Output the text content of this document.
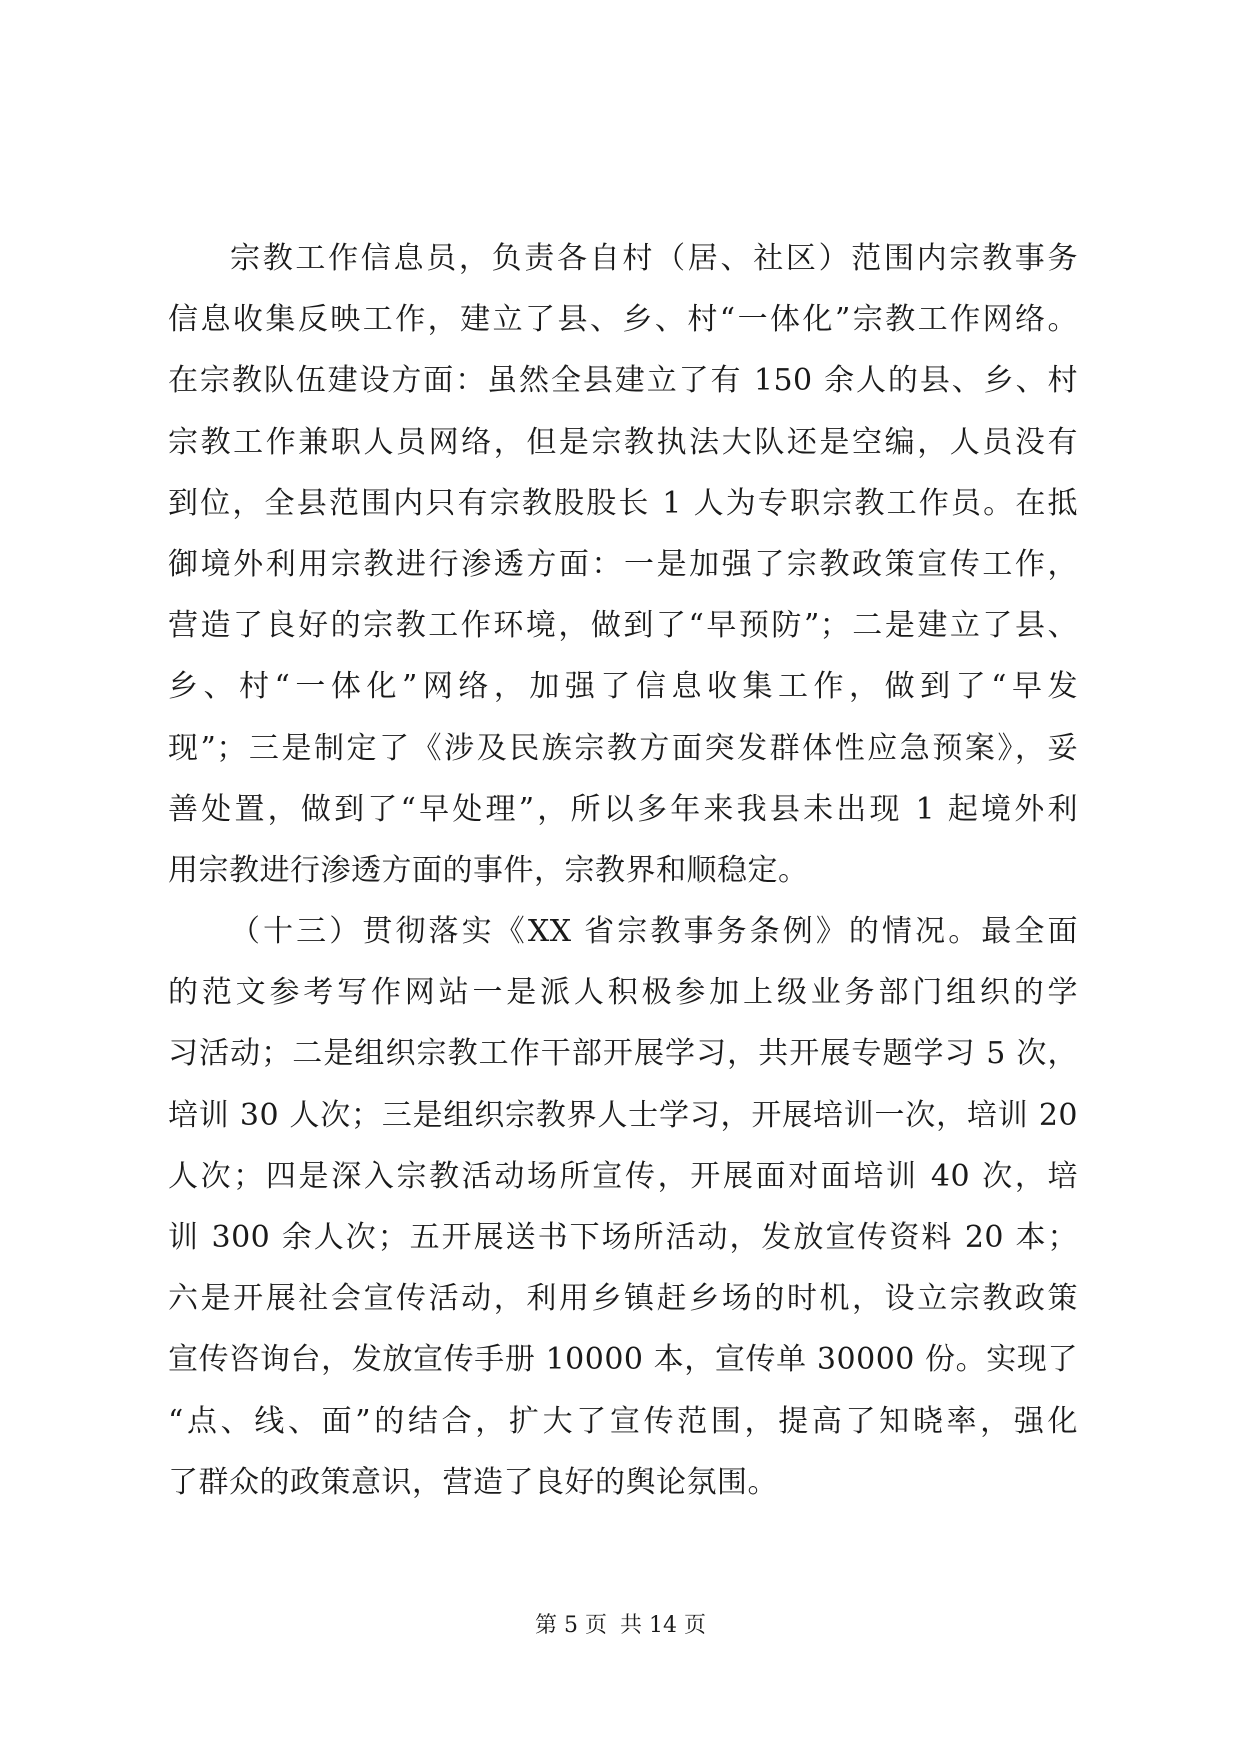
宗教工作信息员，负责各自村（居、社区）范围内宗教事务
信息收集反映工作，建立了县、乡、村“一体化”宗教工作网络。
在宗教队伍建设方面：虽然全县建立了有 150 余人的县、乡、村
宗教工作兼职人员网络，但是宗教执法大队还是空编，人员没有
到位，全县范围内只有宗教股股长 1 人为专职宗教工作员。在抵
御境外利用宗教进行渗透方面：一是加强了宗教政策宣传工作，
营造了良好的宗教工作环境，做到了“早预防”；二是建立了县、
乡、村“一体化”网络，加强了信息收集工作，做到了“早发
现”；三是制定了《涉及民族宗教方面突发群体性应急预案》，妥
善处置，做到了“早处理”，所以多年来我县未出现 1 起境外利
用宗教进行渗透方面的事件，宗教界和顺稳定。
（十三）贯彻落实《XX 省宗教事务条例》的情况。最全面
的范文参考写作网站一是派人积极参加上级业务部门组织的学
习活动；二是组织宗教工作干部开展学习，共开展专题学习 5 次，
培训 30 人次；三是组织宗教界人士学习，开展培训一次，培训 20
人次；四是深入宗教活动场所宣传，开展面对面培训 40 次，培
训 300 余人次；五开展送书下场所活动，发放宣传资料 20 本；
六是开展社会宣传活动，利用乡镇赶乡场的时机，设立宗教政策
宣传咨询台，发放宣传手册 10000 本，宣传单 30000 份。实现了
“点、线、面”的结合，扩大了宣传范围，提高了知晓率，强化
了群众的政策意识，营造了良好的舆论氛围。
第 5 页 共 14 页
